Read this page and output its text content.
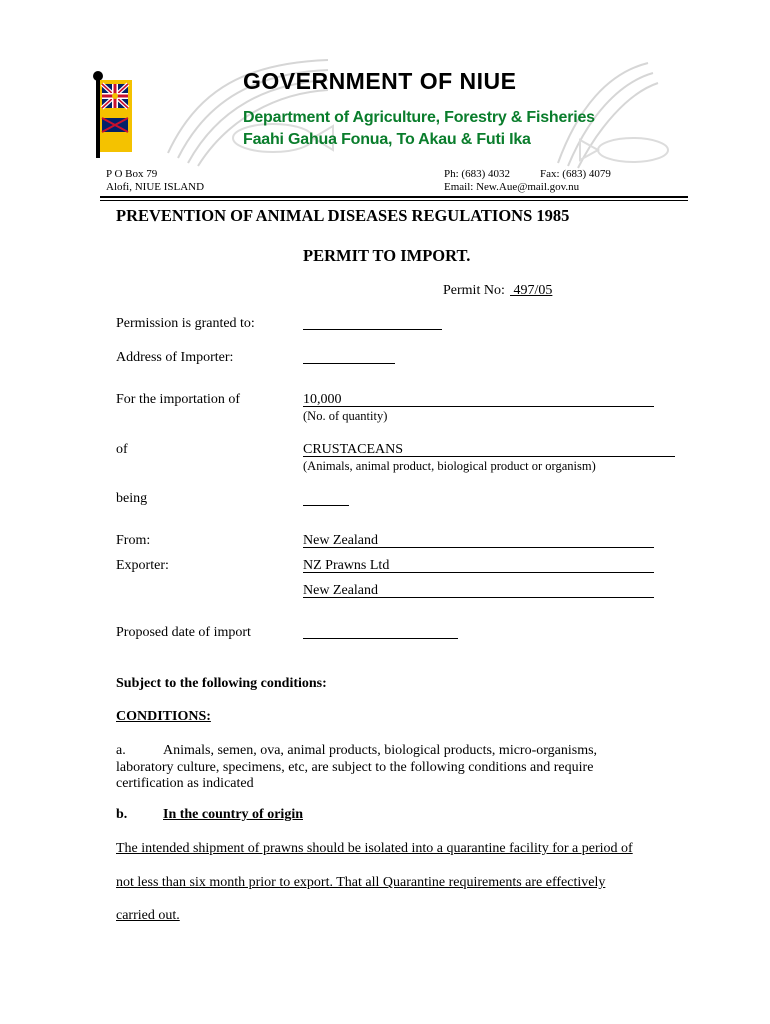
GOVERNMENT OF NIUE
Department of Agriculture, Forestry & Fisheries
Faahi Gahua Fonua, To Akau & Futi Ika
P O Box 79
Alofi, NIUE ISLAND
Ph: (683) 4032	Fax: (683) 4079
Email: New.Aue@mail.gov.nu
PREVENTION OF ANIMAL DISEASES REGULATIONS 1985
PERMIT TO IMPORT.
Permit No: 497/05
Permission is granted to:
Address of Importer:
For the importation of	10,000
(No. of quantity)
of	CRUSTACEANS
(Animals, animal product, biological product or organism)
being
From:	New Zealand
Exporter:	NZ Prawns Ltd
New Zealand
Proposed date of import
Subject to the following conditions:
CONDITIONS:
a.	Animals, semen, ova, animal products, biological products, micro-organisms,
laboratory culture, specimens, etc, are subject to the following conditions and require
certification as indicated
b.	In the country of origin
The intended shipment of prawns should be isolated into a quarantine facility for a period of
not less than six month prior to export. That all Quarantine requirements are effectively
carried out.
